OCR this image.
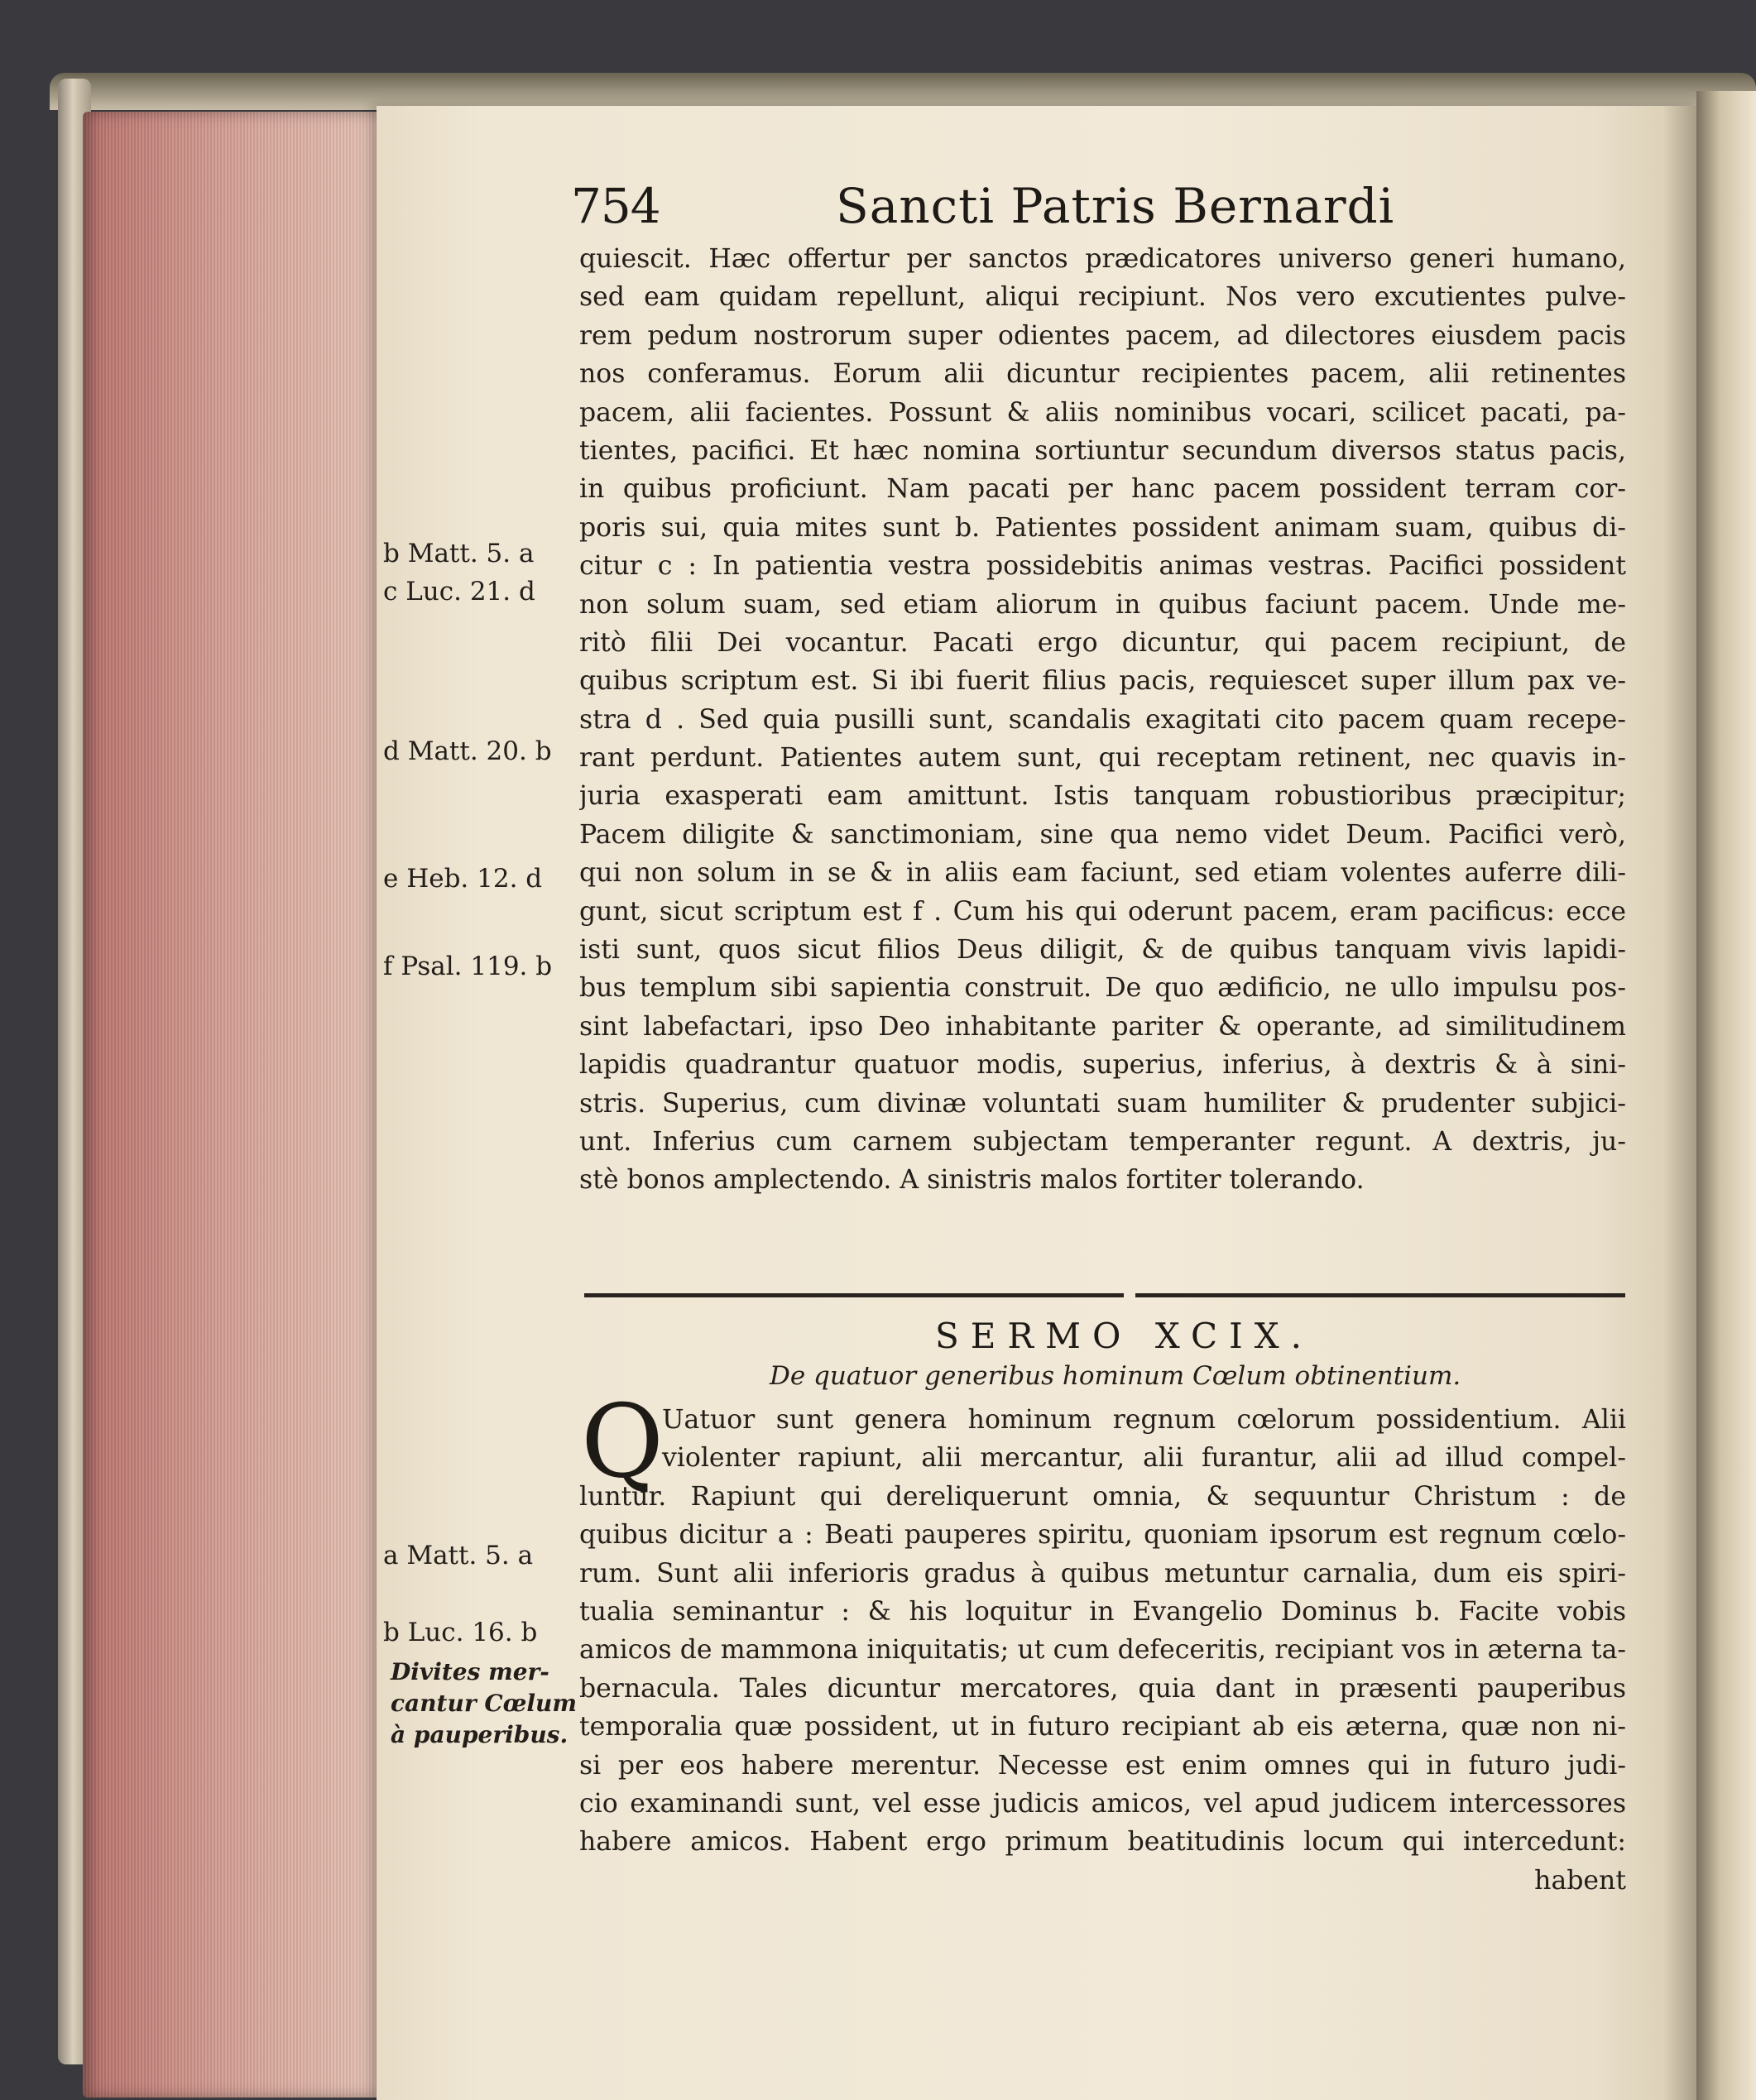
754	Sancti Patris Bernardi
quiescit. Hæc offertur per sanctos prædicatores universo generi humano,
sed eam quidam repellunt, aliqui recipiunt. Nos vero excutientes pulve-
rem pedum nostrorum super odientes pacem, ad dilectores eiusdem pacis
nos conferamus. Eorum alii dicuntur recipientes pacem, alii retinentes
pacem, alii facientes. Possunt & aliis nominibus vocari, scilicet pacati, pa-
tientes, pacifici. Et hæc nomina sortiuntur secundum diversos status pacis,
in quibus proficiunt. Nam pacati per hanc pacem possident terram cor-
poris sui, quia mites sunt b. Patientes possident animam suam, quibus di-
citur c : In patientia vestra possidebitis animas vestras. Pacifici possident
non solum suam, sed etiam aliorum in quibus faciunt pacem. Unde me-
ritò filii Dei vocantur. Pacati ergo dicuntur, qui pacem recipiunt, de
quibus scriptum est. Si ibi fuerit filius pacis, requiescet super illum pax ve-
stra d . Sed quia pusilli sunt, scandalis exagitati cito pacem quam recepe-
rant perdunt. Patientes autem sunt, qui receptam retinent, nec quavis in-
juria exasperati eam amittunt. Istis tanquam robustioribus præcipitur;
Pacem diligite & sanctimoniam, sine qua nemo videt Deum. Pacifici verò,
qui non solum in se & in aliis eam faciunt, sed etiam volentes auferre dili-
gunt, sicut scriptum est f . Cum his qui oderunt pacem, eram pacificus: ecce
isti sunt, quos sicut filios Deus diligit, & de quibus tanquam vivis lapidi-
bus templum sibi sapientia construit. De quo ædificio, ne ullo impulsu pos-
sint labefactari, ipso Deo inhabitante pariter & operante, ad similitudinem
lapidis quadrantur quatuor modis, superius, inferius, à dextris & à sini-
stris. Superius, cum divinæ voluntati suam humiliter & prudenter subjici-
unt. Inferius cum carnem subjectam temperanter regunt. A dextris, ju-
stè bonos amplectendo. A sinistris malos fortiter tolerando.
SERMO XCIX.
De quatuor generibus hominum Cœlum obtinentium.
Q
Uatuor sunt genera hominum regnum cœlorum possidentium. Alii
violenter rapiunt, alii mercantur, alii furantur, alii ad illud compel-
luntur. Rapiunt qui dereliquerunt omnia, & sequuntur Christum : de
quibus dicitur a : Beati pauperes spiritu, quoniam ipsorum est regnum cœlo-
rum. Sunt alii inferioris gradus à quibus metuntur carnalia, dum eis spiri-
tualia seminantur : & his loquitur in Evangelio Dominus b. Facite vobis
amicos de mammona iniquitatis; ut cum defeceritis, recipiant vos in æterna ta-
bernacula. Tales dicuntur mercatores, quia dant in præsenti pauperibus
temporalia quæ possident, ut in futuro recipiant ab eis æterna, quæ non ni-
si per eos habere merentur. Necesse est enim omnes qui in futuro judi-
cio examinandi sunt, vel esse judicis amicos, vel apud judicem intercessores
habere amicos. Habent ergo primum beatitudinis locum qui intercedunt:
habent
b Matt. 5. a
c Luc. 21. d
d Matt. 20. b
e Heb. 12. d
f Psal. 119. b
a Matt. 5. a
b Luc. 16. b
Divites mer-
cantur Cœlum
à pauperibus.
